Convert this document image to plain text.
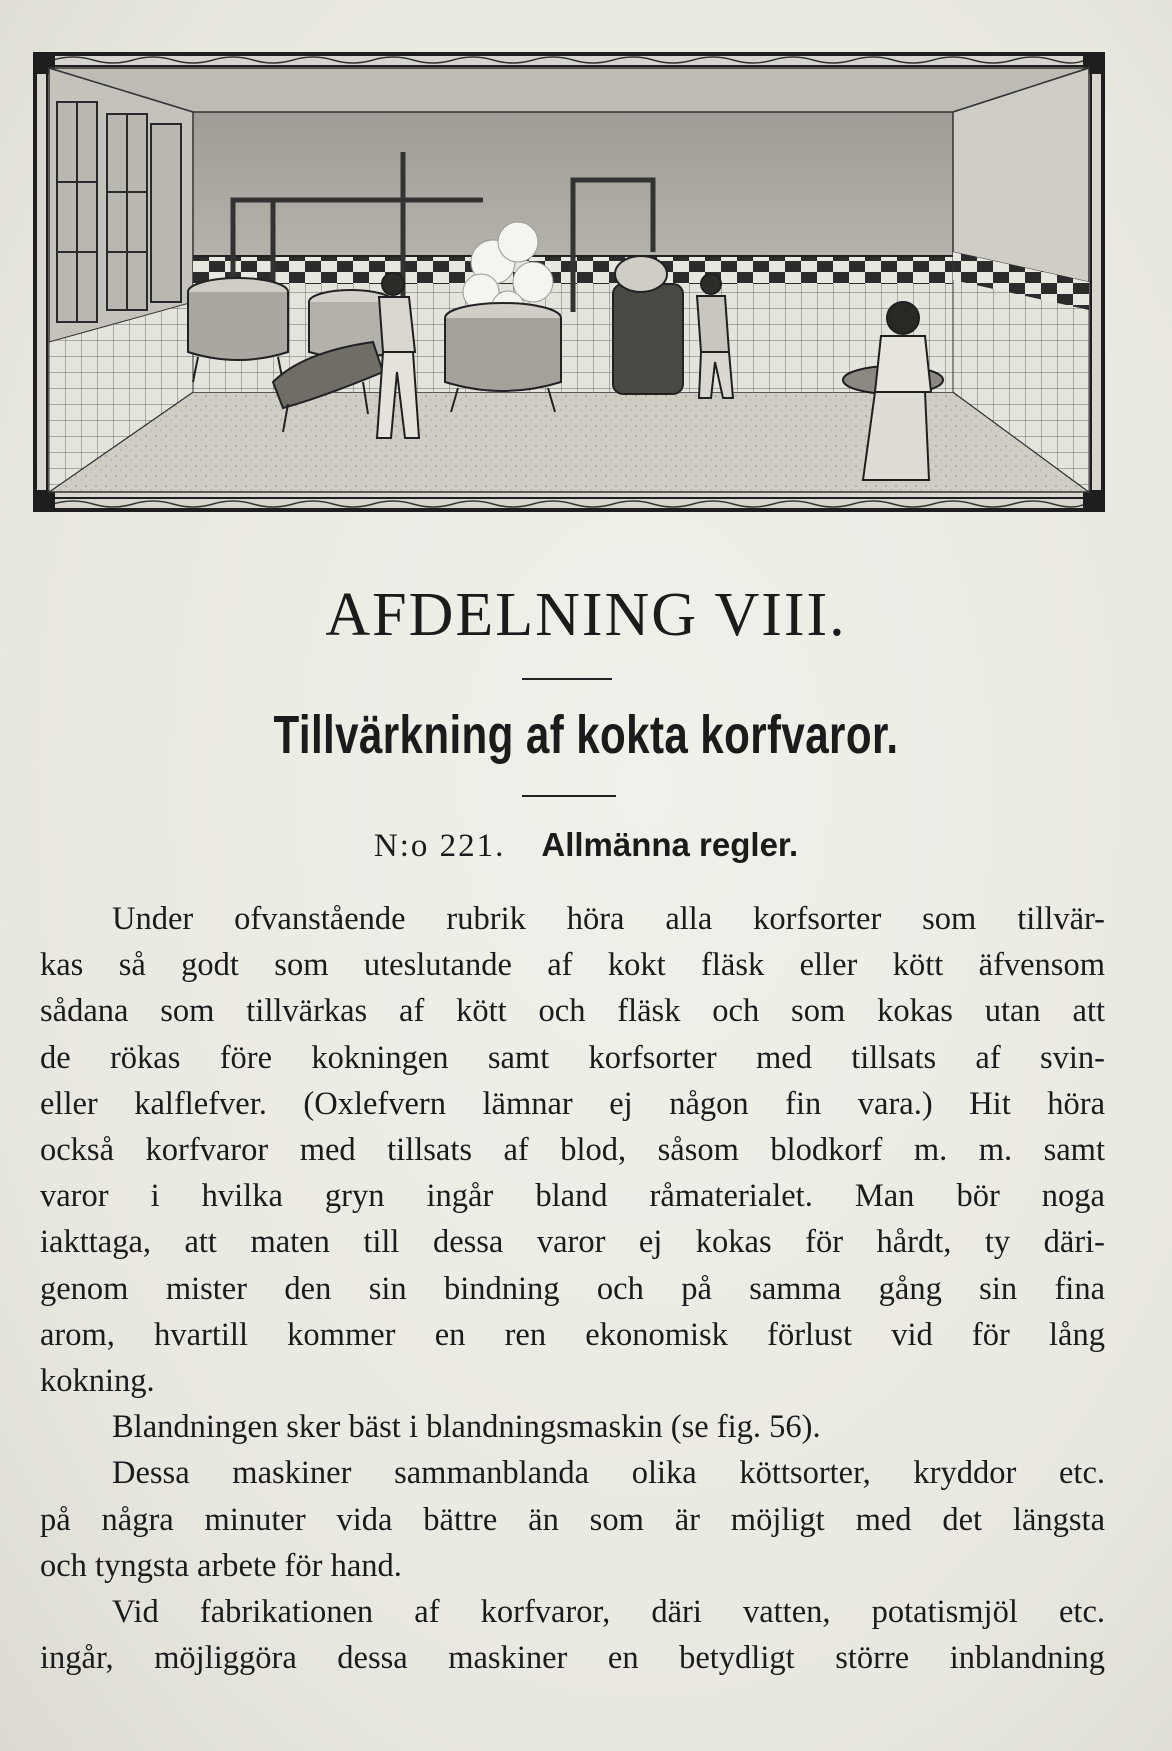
AFDELNING VIII.
Tillvärkning af kokta korfvaror.
N:o 221. Allmänna regler.
Under ofvanstående rubrik höra alla korfsorter som tillvär-
kas så godt som uteslutande af kokt fläsk eller kött äfvensom
sådana som tillvärkas af kött och fläsk och som kokas utan att
de rökas före kokningen samt korfsorter med tillsats af svin-
eller kalflefver. (Oxlefvern lämnar ej någon fin vara.) Hit höra
också korfvaror med tillsats af blod, såsom blodkorf m. m. samt
varor i hvilka gryn ingår bland råmaterialet. Man bör noga
iakttaga, att maten till dessa varor ej kokas för hårdt, ty däri-
genom mister den sin bindning och på samma gång sin fina
arom, hvartill kommer en ren ekonomisk förlust vid för lång
kokning.
Blandningen sker bäst i blandningsmaskin (se fig. 56).
Dessa maskiner sammanblanda olika köttsorter, kryddor etc.
på några minuter vida bättre än som är möjligt med det längsta
och tyngsta arbete för hand.
Vid fabrikationen af korfvaror, däri vatten, potatismjöl etc.
ingår, möjliggöra dessa maskiner en betydligt större inblandning
